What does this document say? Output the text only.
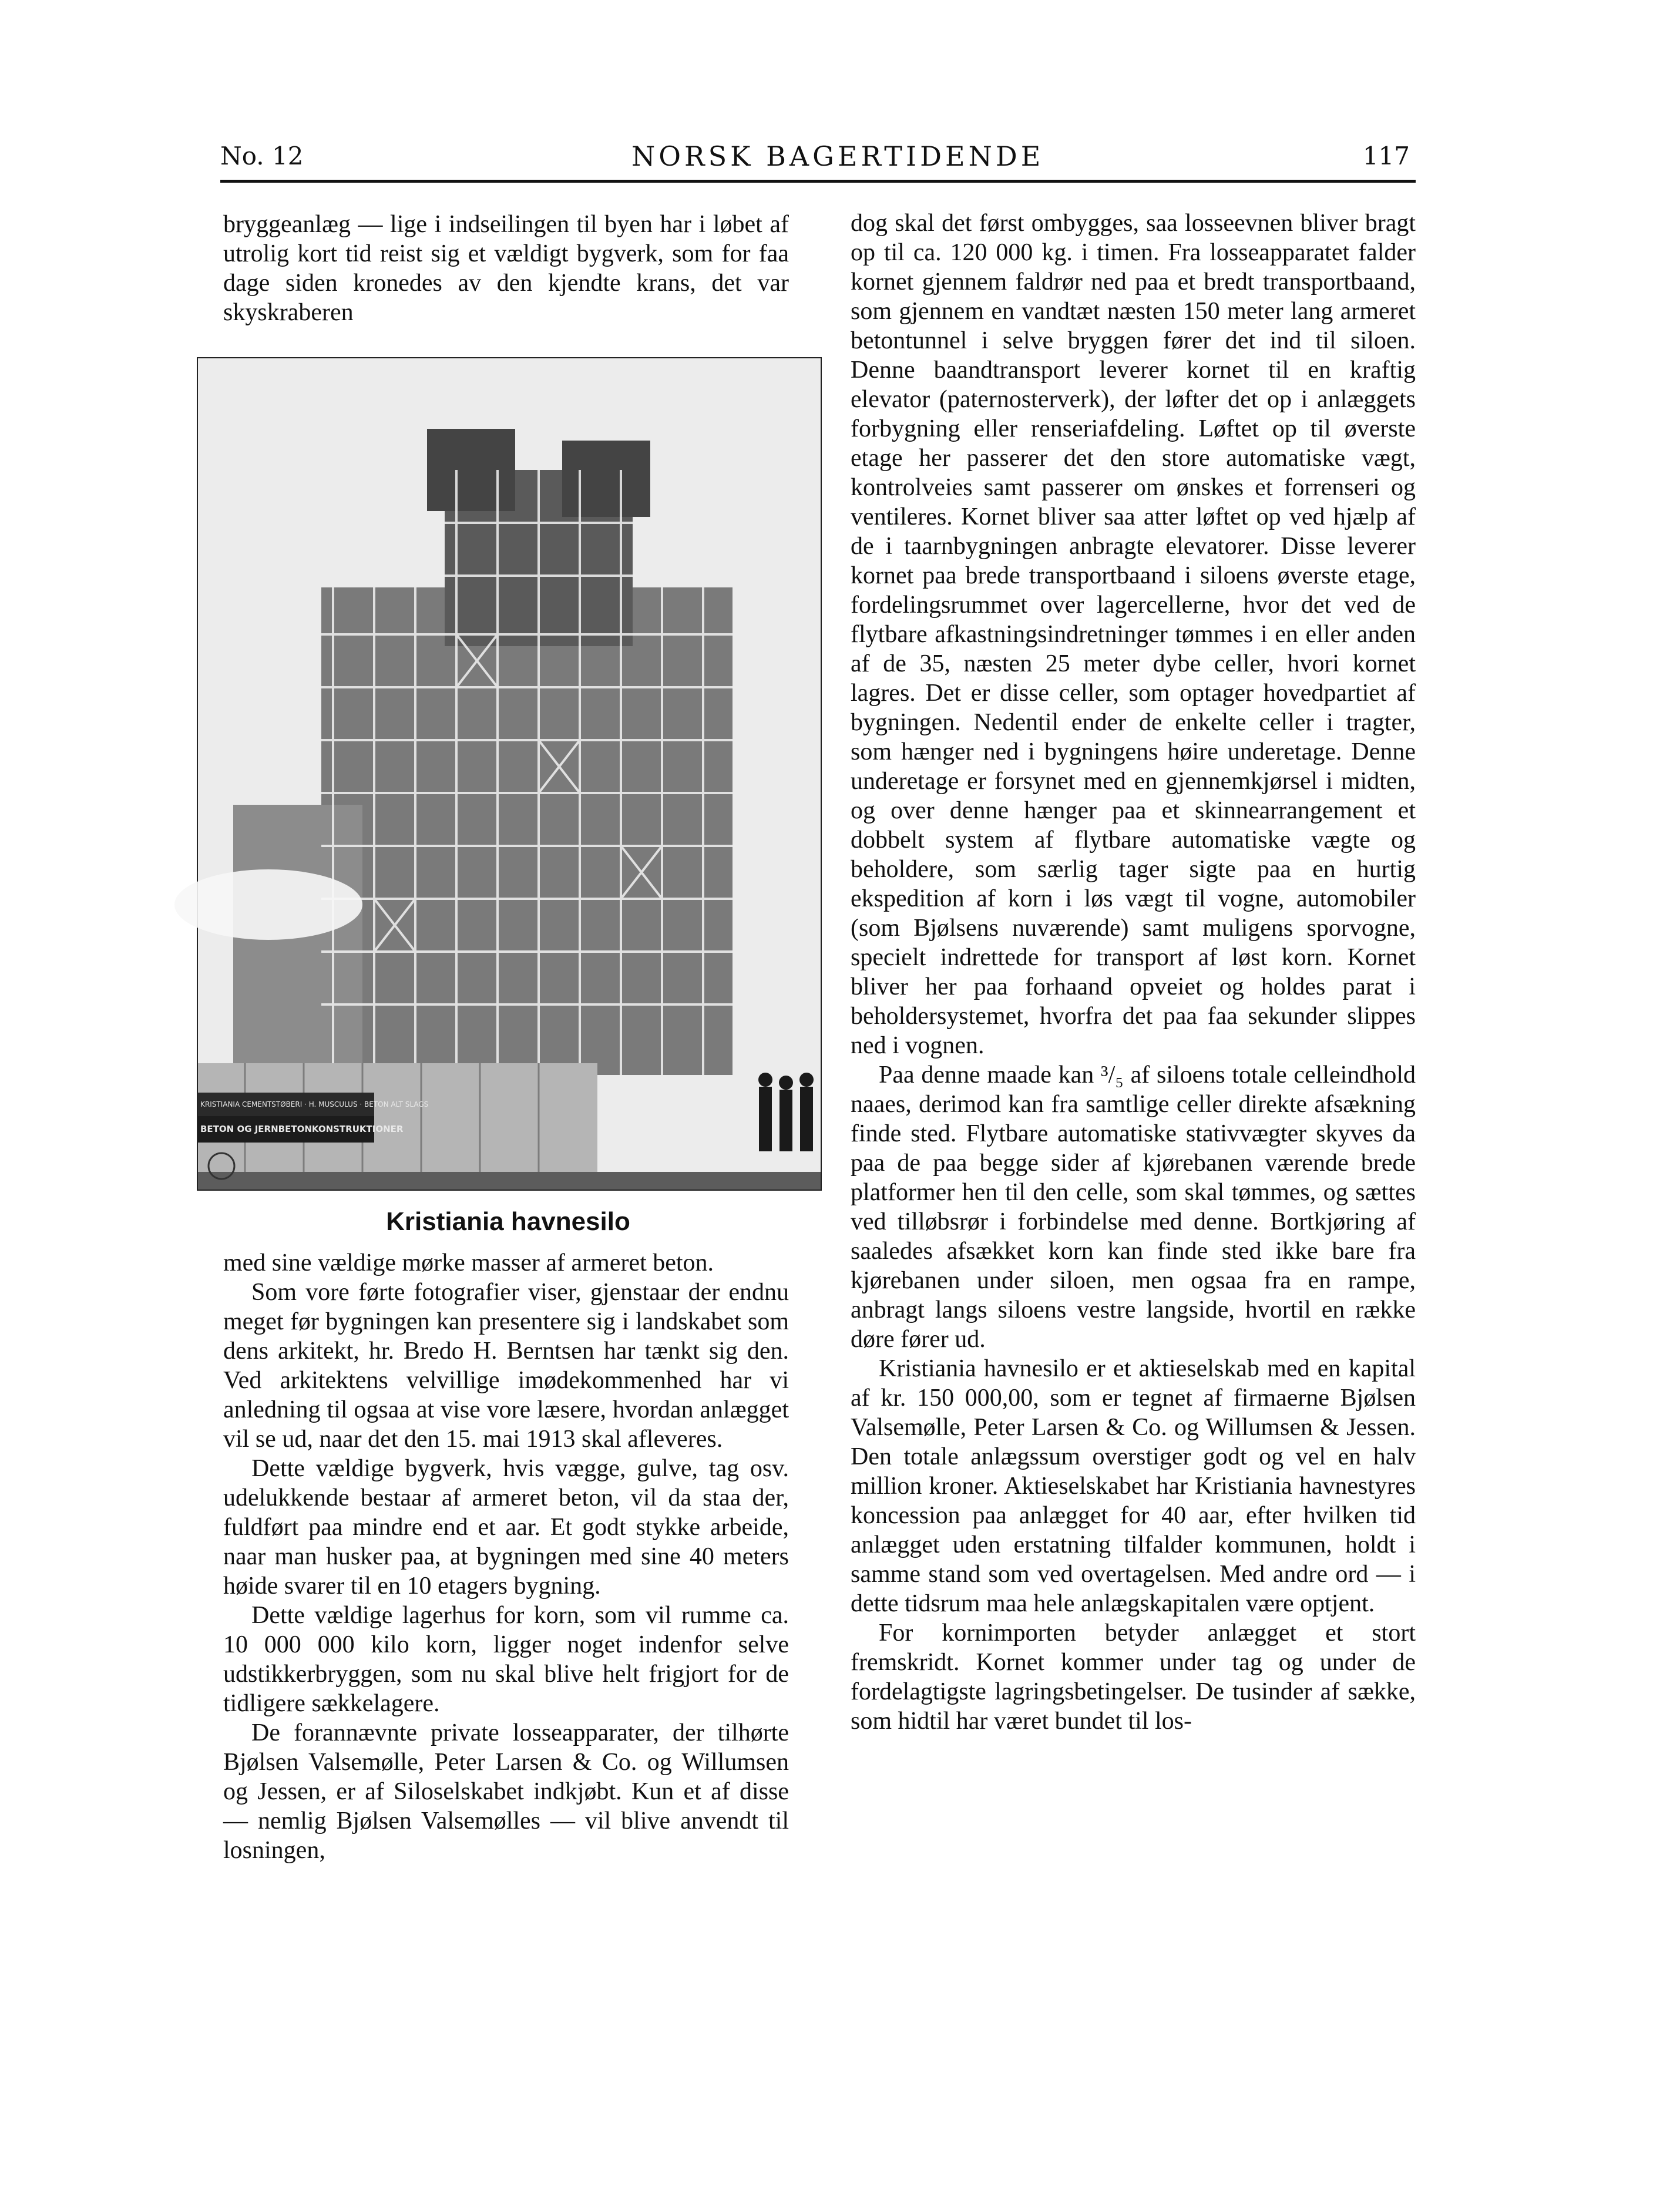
No. 12	NORSK BAGERTIDENDE	117

bryggeanlæg — lige i indseilingen til byen har i løbet af utrolig kort tid reist sig et vældigt bygverk, som for faa dage siden kronedes av den kjendte krans, det var skyskraberen

KRISTIANIA CEMENTSTØBERI · H. MUSCULUS · BETON ALT SLAGS
BETON OG JERNBETONKONSTRUKTIONER
Kristiania havnesilo

med sine vældige mørke masser af armeret beton.

Som vore førte fotografier viser, gjenstaar der endnu meget før bygningen kan presentere sig i landskabet som dens arkitekt, hr. Bredo H. Berntsen har tænkt sig den. Ved arkitektens velvillige imødekommenhed har vi anledning til ogsaa at vise vore læsere, hvordan anlægget vil se ud, naar det den 15. mai 1913 skal afleveres.

Dette vældige bygverk, hvis vægge, gulve, tag osv. udelukkende bestaar af armeret beton, vil da staa der, fuldført paa mindre end et aar. Et godt stykke arbeide, naar man husker paa, at bygningen med sine 40 meters høide svarer til en 10 etagers bygning.

Dette vældige lagerhus for korn, som vil rumme ca. 10 000 000 kilo korn, ligger noget indenfor selve udstikkerbryggen, som nu skal blive helt frigjort for de tidligere sækkelagere.

De forannævnte private losseapparater, der tilhørte Bjølsen Valsemølle, Peter Larsen & Co. og Willumsen og Jessen, er af Siloselskabet indkjøbt. Kun et af disse — nemlig Bjølsen Valsemølles — vil blive anvendt til losningen,

dog skal det først ombygges, saa losseevnen bliver bragt op til ca. 120 000 kg. i timen. Fra losseapparatet falder kornet gjennem faldrør ned paa et bredt transportbaand, som gjennem en vandtæt næsten 150 meter lang armeret betontunnel i selve bryggen fører det ind til siloen. Denne baandtransport leverer kornet til en kraftig elevator (paternosterverk), der løfter det op i anlæggets forbygning eller renseriafdeling. Løftet op til øverste etage her passerer det den store automatiske vægt, kontrolveies samt passerer om ønskes et forrenseri og ventileres. Kornet bliver saa atter løftet op ved hjælp af de i taarnbygningen anbragte elevatorer. Disse leverer kornet paa brede transportbaand i siloens øverste etage, fordelingsrummet over lagercellerne, hvor det ved de flytbare afkastningsindretninger tømmes i en eller anden af de 35, næsten 25 meter dybe celler, hvori kornet lagres. Det er disse celler, som optager hovedpartiet af bygningen. Nedentil ender de enkelte celler i tragter, som hænger ned i bygningens høire underetage. Denne underetage er forsynet med en gjennemkjørsel i midten, og over denne hænger paa et skinnearrangement et dobbelt system af flytbare automatiske vægte og beholdere, som særlig tager sigte paa en hurtig ekspedition af korn i løs vægt til vogne, automobiler (som Bjølsens nuværende) samt muligens sporvogne, specielt indrettede for transport af løst korn. Kornet bliver her paa forhaand opveiet og holdes parat i beholdersystemet, hvorfra det paa faa sekunder slippes ned i vognen.

Paa denne maade kan ³/₅ af siloens totale celleindhold naaes, derimod kan fra samtlige celler direkte afsækning finde sted. Flytbare automatiske stativvægter skyves da paa de paa begge sider af kjørebanen værende brede platformer hen til den celle, som skal tømmes, og sættes ved tilløbsrør i forbindelse med denne. Bortkjøring af saaledes afsække​t korn kan finde sted ikke bare fra kjørebanen under siloen, men ogsaa fra en rampe, anbragt langs siloens vestre langside, hvortil en række døre fører ud.

Kristiania havnesilo er et aktieselskab med en kapital af kr. 150 000,00, som er tegnet af firmaerne Bjølsen Valsemølle, Peter Larsen & Co. og Willumsen & Jessen. Den totale anlægssum overstiger godt og vel en halv million kroner. Aktieselskabet har Kristiania havnestyres koncession paa anlægget for 40 aar, efter hvilken tid anlægget uden erstatning tilfalder kommunen, holdt i samme stand som ved overtagelsen. Med andre ord — i dette tidsrum maa hele anlægskapitalen være optjent.

For kornimporten betyder anlægget et stort fremskridt. Kornet kommer under tag og under de fordelagtigste lagringsbetingelser. De tusinder af sække, som hidtil har været bundet til los-
